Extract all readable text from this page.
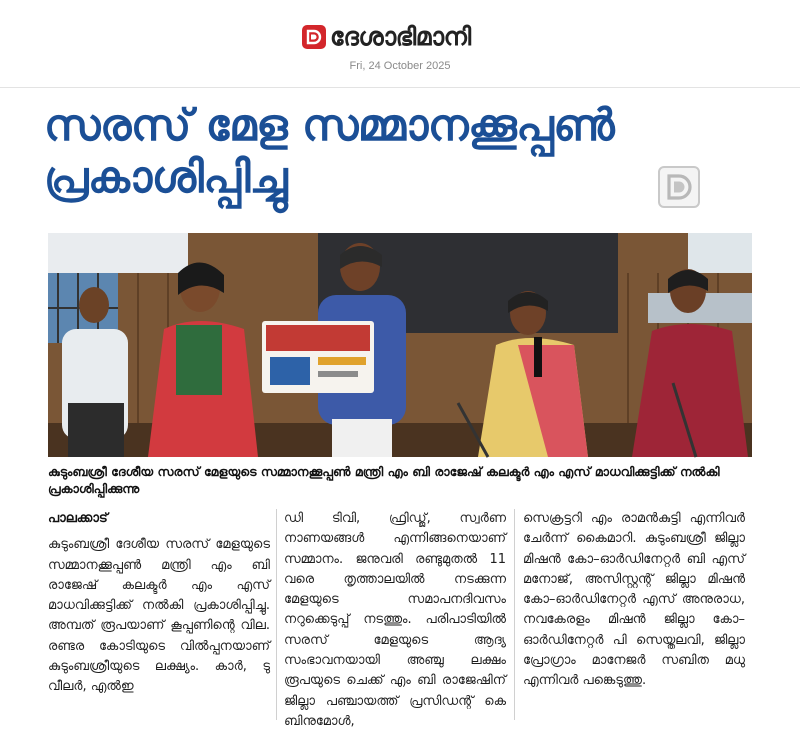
ദേശാഭിമാനി
Fri, 24 October 2025
സരസ് മേള സമ്മാനക്കൂപ്പൺ
പ്രകാശിപ്പിച്ചു
കുടുംബശ്രീ ദേശീയ സരസ് മേളയുടെ സമ്മാനക്കൂപ്പൺ മന്ത്രി എം ബി രാജേഷ് കലക്ടർ എം എസ് മാധവിക്കുട്ടിക്ക് നൽകി പ്രകാശിപ്പിക്കുന്നു
പാലക്കാട്
കുടുംബശ്രീ ദേശീയ സരസ് മേളയുടെ സമ്മാനക്കൂപ്പൺ മന്ത്രി എം ബി രാജേഷ് കലക്ടർ എം എസ് മാധവിക്കുട്ടിക്ക് നൽകി പ്രകാശിപ്പിച്ചു. അമ്പത് രൂപയാണ് കൂപ്പണിന്റെ വില. രണ്ടര കോടിയുടെ വിൽപ്പനയാണ് കുടുംബശ്രീയുടെ ലക്ഷ്യം. കാർ, ടു വീലർ, എൽഇ
ഡി ടിവി, ഫ്രിഡ്ജ്, സ്വർണ നാണയങ്ങൾ എന്നിങ്ങനെയാണ് സമ്മാനം. ജനുവരി രണ്ടുമുതൽ 11 വരെ തൃത്താലയിൽ നടക്കുന്ന മേളയുടെ സമാപനദിവസം നറുക്കെടുപ്പ് നടത്തും. പരിപാടിയിൽ സരസ് മേളയുടെ ആദ്യ സംഭാവനയായി അഞ്ചു ലക്ഷം രൂപയുടെ ചെക്ക് എം ബി രാജേഷിന് ജില്ലാ പഞ്ചായത്ത് പ്രസിഡന്റ് കെ ബിനുമോൾ,
സെക്രട്ടറി എം രാമൻകുട്ടി എന്നിവർ ചേർന്ന് കൈമാറി. കുടുംബശ്രീ ജില്ലാ മിഷൻ കോ–ഓർഡിനേറ്റർ ബി എസ് മനോജ്, അസിസ്റ്റന്റ് ജില്ലാ മിഷൻ കോ–ഓർഡിനേറ്റർ എസ് അനുരാധ, നവകേരളം മിഷൻ ജില്ലാ കോ–ഓർഡിനേറ്റർ പി സെയ്തലവി, ജില്ലാ പ്രോഗ്രാം മാനേജർ സബിത മധു എന്നിവർ പങ്കെടുത്തു.
